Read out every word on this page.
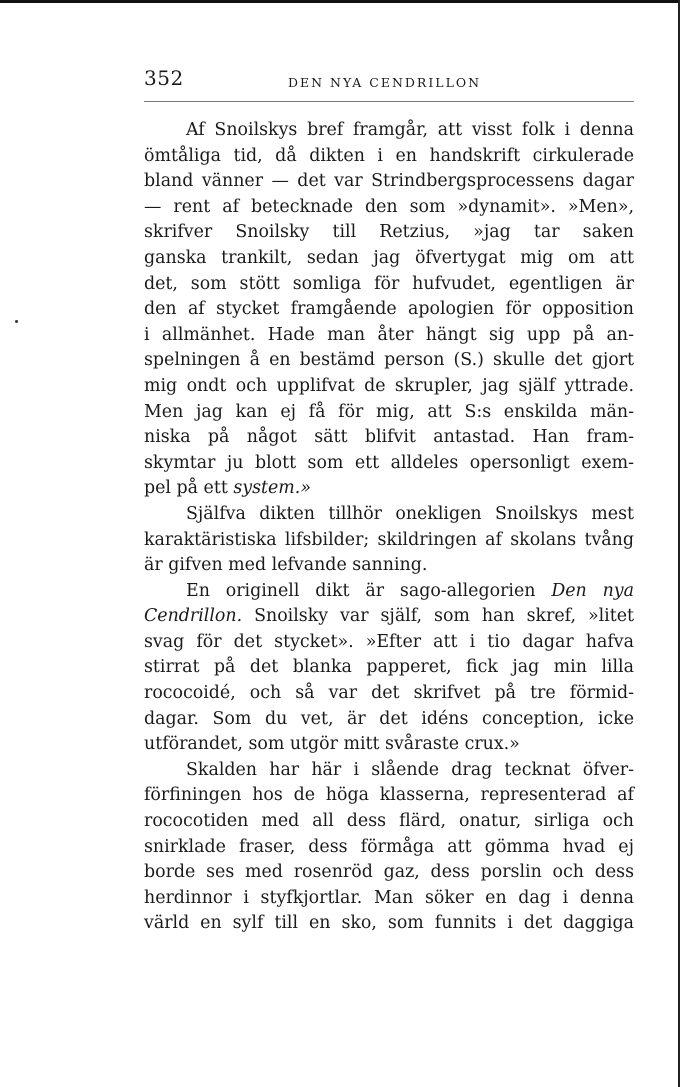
352	DEN NYA CENDRILLON
Af Snoilskys bref framgår, att visst folk i denna
ömtåliga tid, då dikten i en handskrift cirkulerade
bland vänner — det var Strindbergsprocessens dagar
— rent af betecknade den som »dynamit». »Men»,
skrifver Snoilsky till Retzius, »jag tar saken
ganska trankilt, sedan jag öfvertygat mig om att
det, som stött somliga för hufvudet, egentligen är
den af stycket framgående apologien för opposition
i allmänhet. Hade man åter hängt sig upp på an-
spelningen å en bestämd person (S.) skulle det gjort
mig ondt och upplifvat de skrupler, jag själf yttrade.
Men jag kan ej få för mig, att S:s enskilda män-
niska på något sätt blifvit antastad. Han fram-
skymtar ju blott som ett alldeles opersonligt exem-
pel på ett system.»
Själfva dikten tillhör onekligen Snoilskys mest
karaktäristiska lifsbilder; skildringen af skolans tvång
är gifven med lefvande sanning.
En originell dikt är sago-allegorien Den nya
Cendrillon. Snoilsky var själf, som han skref, »litet
svag för det stycket». »Efter att i tio dagar hafva
stirrat på det blanka papperet, fick jag min lilla
rococoidé, och så var det skrifvet på tre förmid-
dagar. Som du vet, är det idéns conception, icke
utförandet, som utgör mitt svåraste crux.»
Skalden har här i slående drag tecknat öfver-
förfiningen hos de höga klasserna, representerad af
rococotiden med all dess flärd, onatur, sirliga och
snirklade fraser, dess förmåga att gömma hvad ej
borde ses med rosenröd gaz, dess porslin och dess
herdinnor i styfkjortlar. Man söker en dag i denna
värld en sylf till en sko, som funnits i det daggiga
